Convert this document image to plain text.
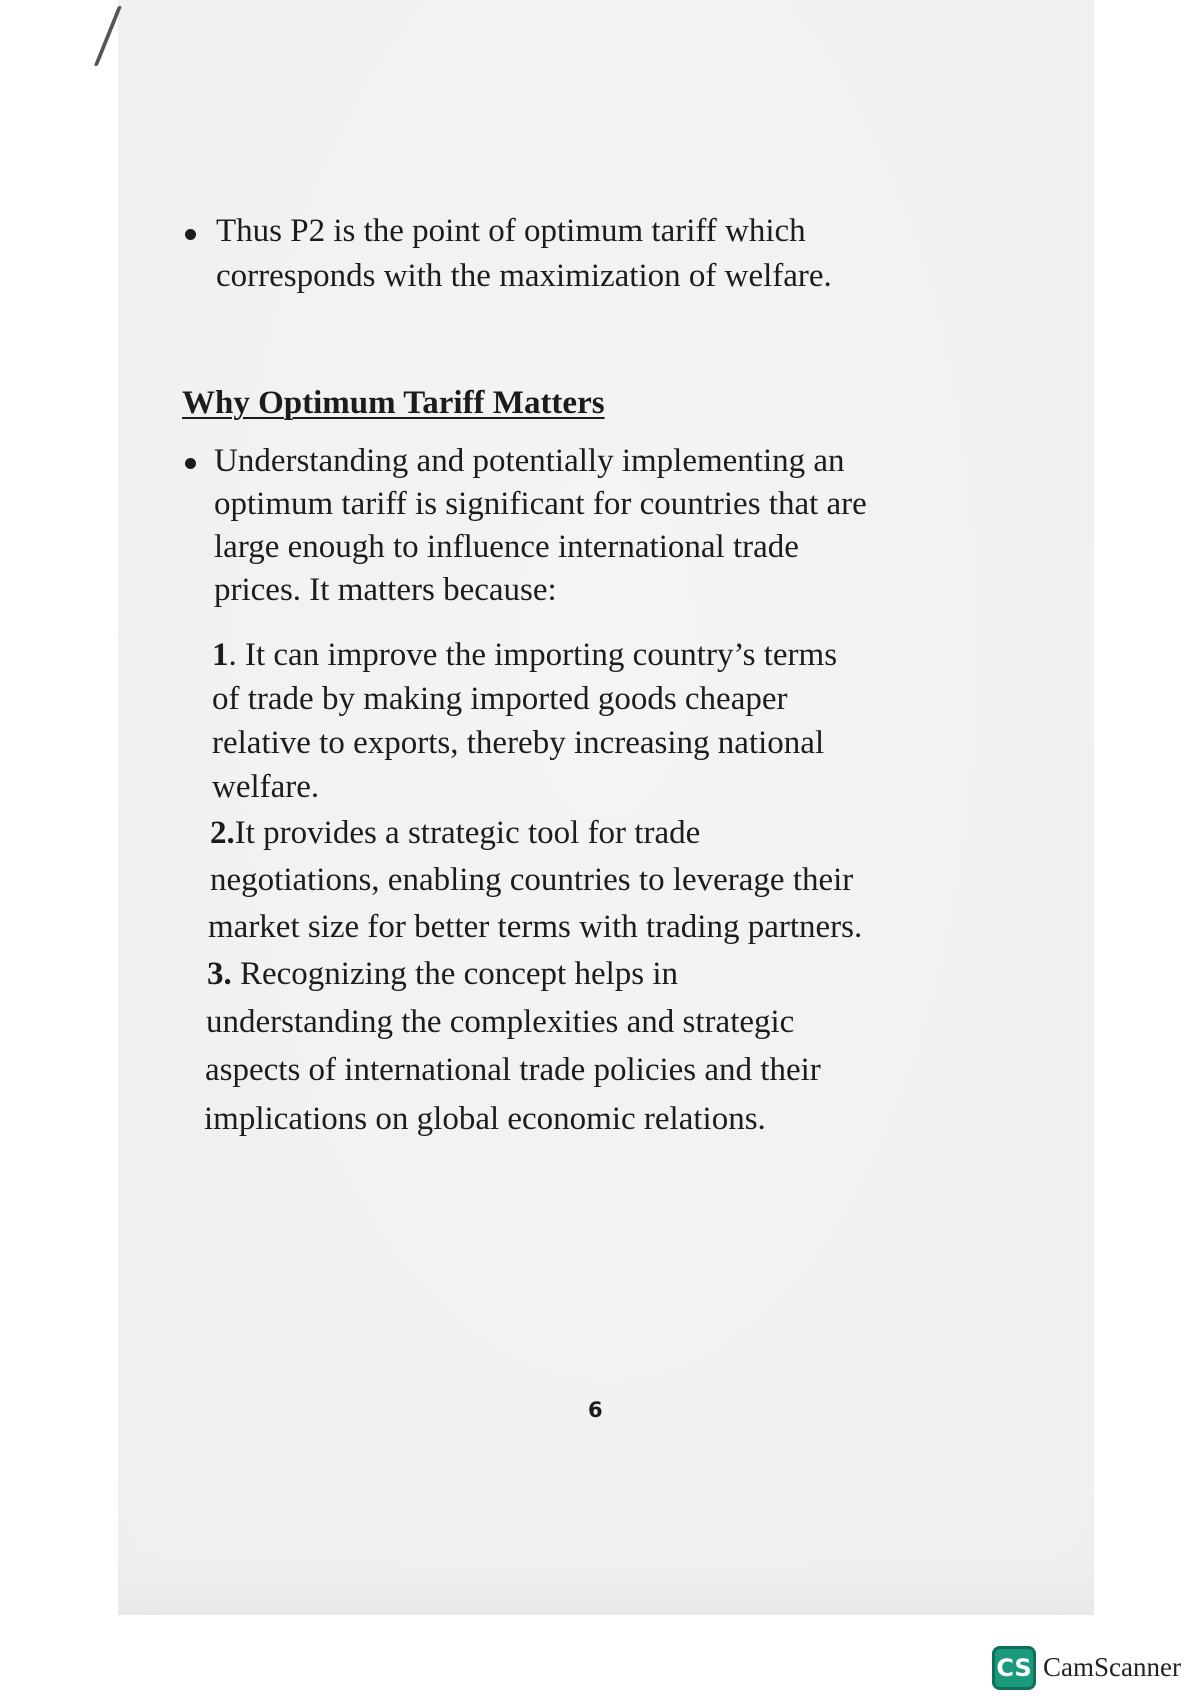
Thus P2 is the point of optimum tariff which
corresponds with the maximization of welfare.
Why Optimum Tariff Matters
Understanding and potentially implementing an
optimum tariff is significant for countries that are
large enough to influence international trade
prices. It matters because:
1. It can improve the importing country’s terms
of trade by making imported goods cheaper
relative to exports, thereby increasing national
welfare.
2.It provides a strategic tool for trade
negotiations, enabling countries to leverage their
market size for better terms with trading partners.
3. Recognizing the concept helps in
understanding the complexities and strategic
aspects of international trade policies and their
implications on global economic relations.
6
CS CamScanner
